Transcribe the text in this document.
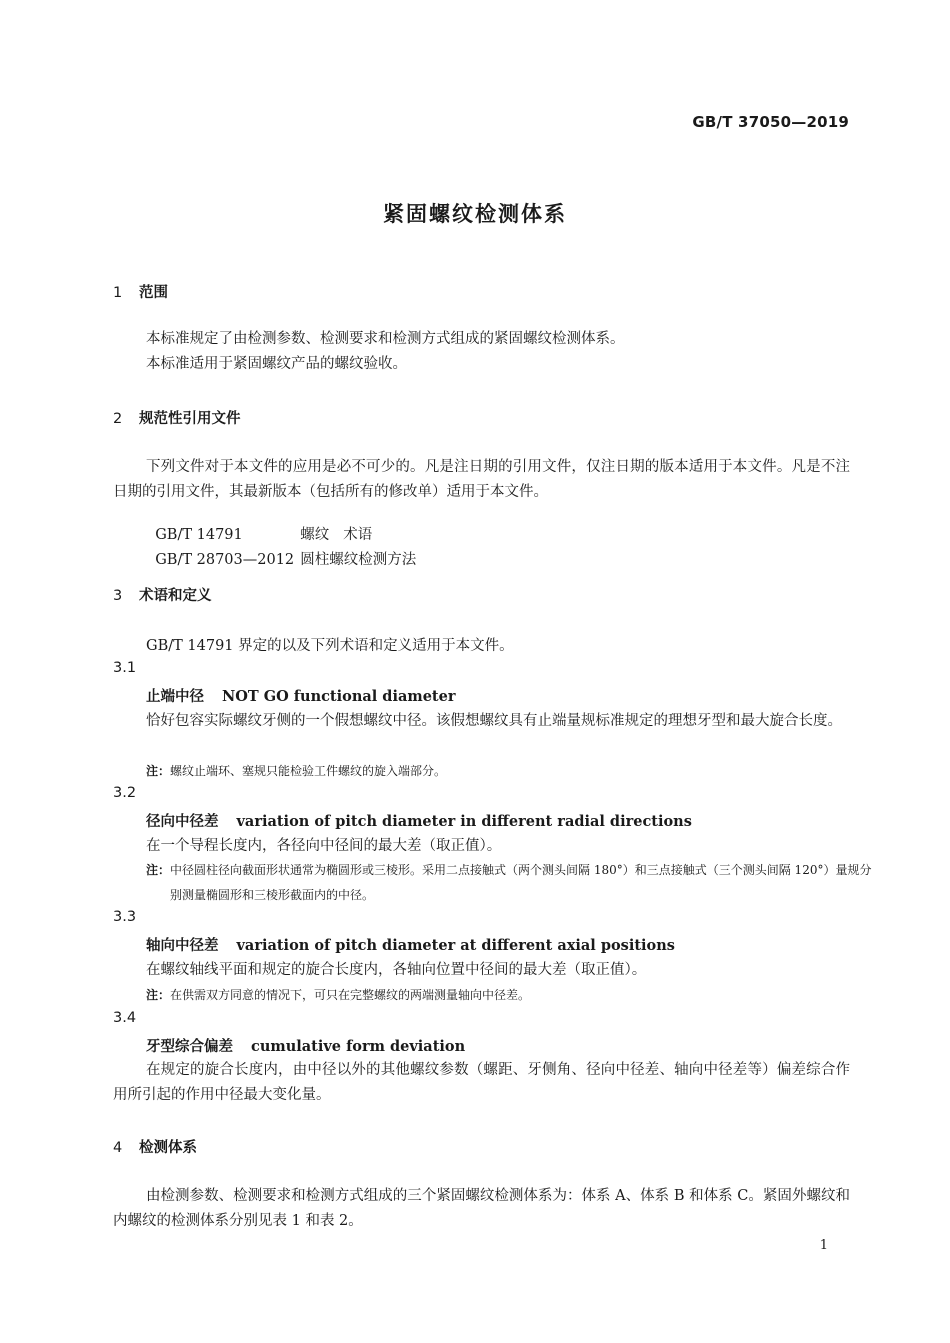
GB/T 37050—2019
紧固螺纹检测体系
1 范围

本标准规定了由检测参数、检测要求和检测方式组成的紧固螺纹检测体系。

本标准适用于紧固螺纹产品的螺纹验收。

2 规范性引用文件

下列文件对于本文件的应用是必不可少的。凡是注日期的引用文件，仅注日期的版本适用于本文件。凡是不注日期的引用文件，其最新版本（包括所有的修改单）适用于本文件。

GB/T 14791	螺纹 术语

GB/T 28703—2012 圆柱螺纹检测方法

3 术语和定义
GB/T 14791 界定的以及下列术语和定义适用于本文件。
3.1
止端中径 NOT GO functional diameter

恰好包容实际螺纹牙侧的一个假想螺纹中径。该假想螺纹具有止端量规标准规定的理想牙型和最大旋合长度。

注：螺纹止端环、塞规只能检验工件螺纹的旋入端部分。

3.2
径向中径差 variation of pitch diameter in different radial directions

在一个导程长度内，各径向中径间的最大差（取正值）。

注：中径圆柱径向截面形状通常为椭圆形或三棱形。采用二点接触式（两个测头间隔 180°）和三点接触式（三个测头间隔 120°）量规分别测量椭圆形和三棱形截面内的中径。

3.3
轴向中径差 variation of pitch diameter at different axial positions

在螺纹轴线平面和规定的旋合长度内，各轴向位置中径间的最大差（取正值）。

注：在供需双方同意的情况下，可只在完整螺纹的两端测量轴向中径差。

3.4
牙型综合偏差 cumulative form deviation

在规定的旋合长度内，由中径以外的其他螺纹参数（螺距、牙侧角、径向中径差、轴向中径差等）偏差综合作用所引起的作用中径最大变化量。

4 检测体系

由检测参数、检测要求和检测方式组成的三个紧固螺纹检测体系为：体系 A、体系 B 和体系 C。紧固外螺纹和内螺纹的检测体系分别见表 1 和表 2。

1
